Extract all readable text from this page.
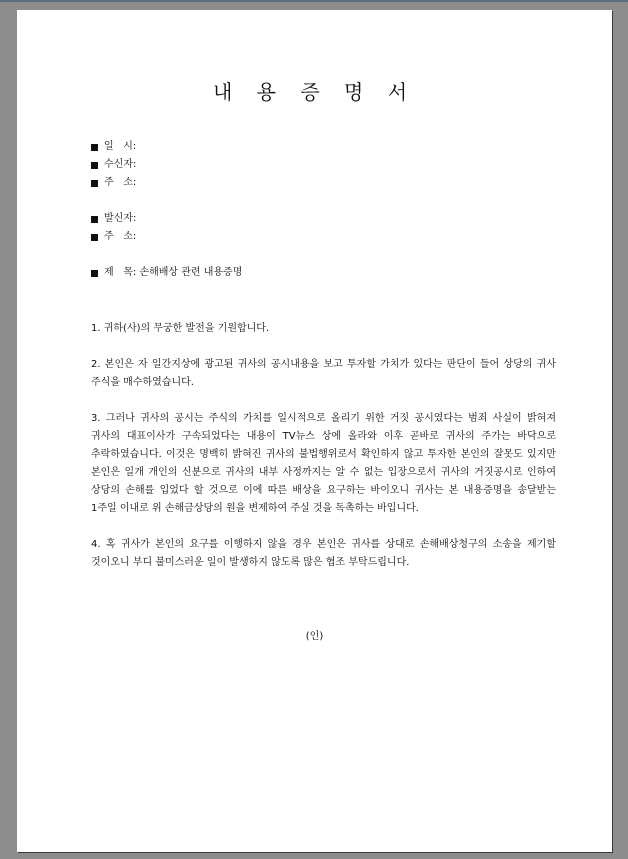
내 용 증 명 서
일   시:
수신자:
주   소:
발신자:
주   소:
제   목: 손해배상 관련 내용증명

1. 귀하(사)의 무궁한 발전을 기원합니다.

2. 본인은 자 일간지상에 광고된 귀사의 공시내용을 보고 투자할 가치가 있다는 판단이 들어 상당의 귀사 주식을 매수하였습니다.

3. 그러나 귀사의 공시는 주식의 가치를 일시적으로 올리기 위한 거짓 공시였다는 범죄 사실이 밝혀져 귀사의 대표이사가 구속되었다는 내용이 TV뉴스 상에 올라와 이후 곧바로 귀사의 주가는 바닥으로 추락하였습니다. 이것은 명백히 밝혀진 귀사의 불법행위로서 확인하지 않고 투자한 본인의 잘못도 있지만 본인은 일개 개인의 신분으로 귀사의 내부 사정까지는 알 수 없는 입장으로서 귀사의 거짓공시로 인하여 상당의 손해를 입었다 할 것으로 이에 따른 배상을 요구하는 바이오니 귀사는 본 내용증명을 송달받는 1주일 이내로 위 손해금상당의 원을 변제하여 주실 것을 독촉하는 바입니다.

4. 혹 귀사가 본인의 요구를 이행하지 않을 경우 본인은 귀사를 상대로 손해배상청구의 소송을 제기할 것이오니 부디 불미스러운 일이 발생하지 않도록 많은 협조 부탁드립니다.

(인)
